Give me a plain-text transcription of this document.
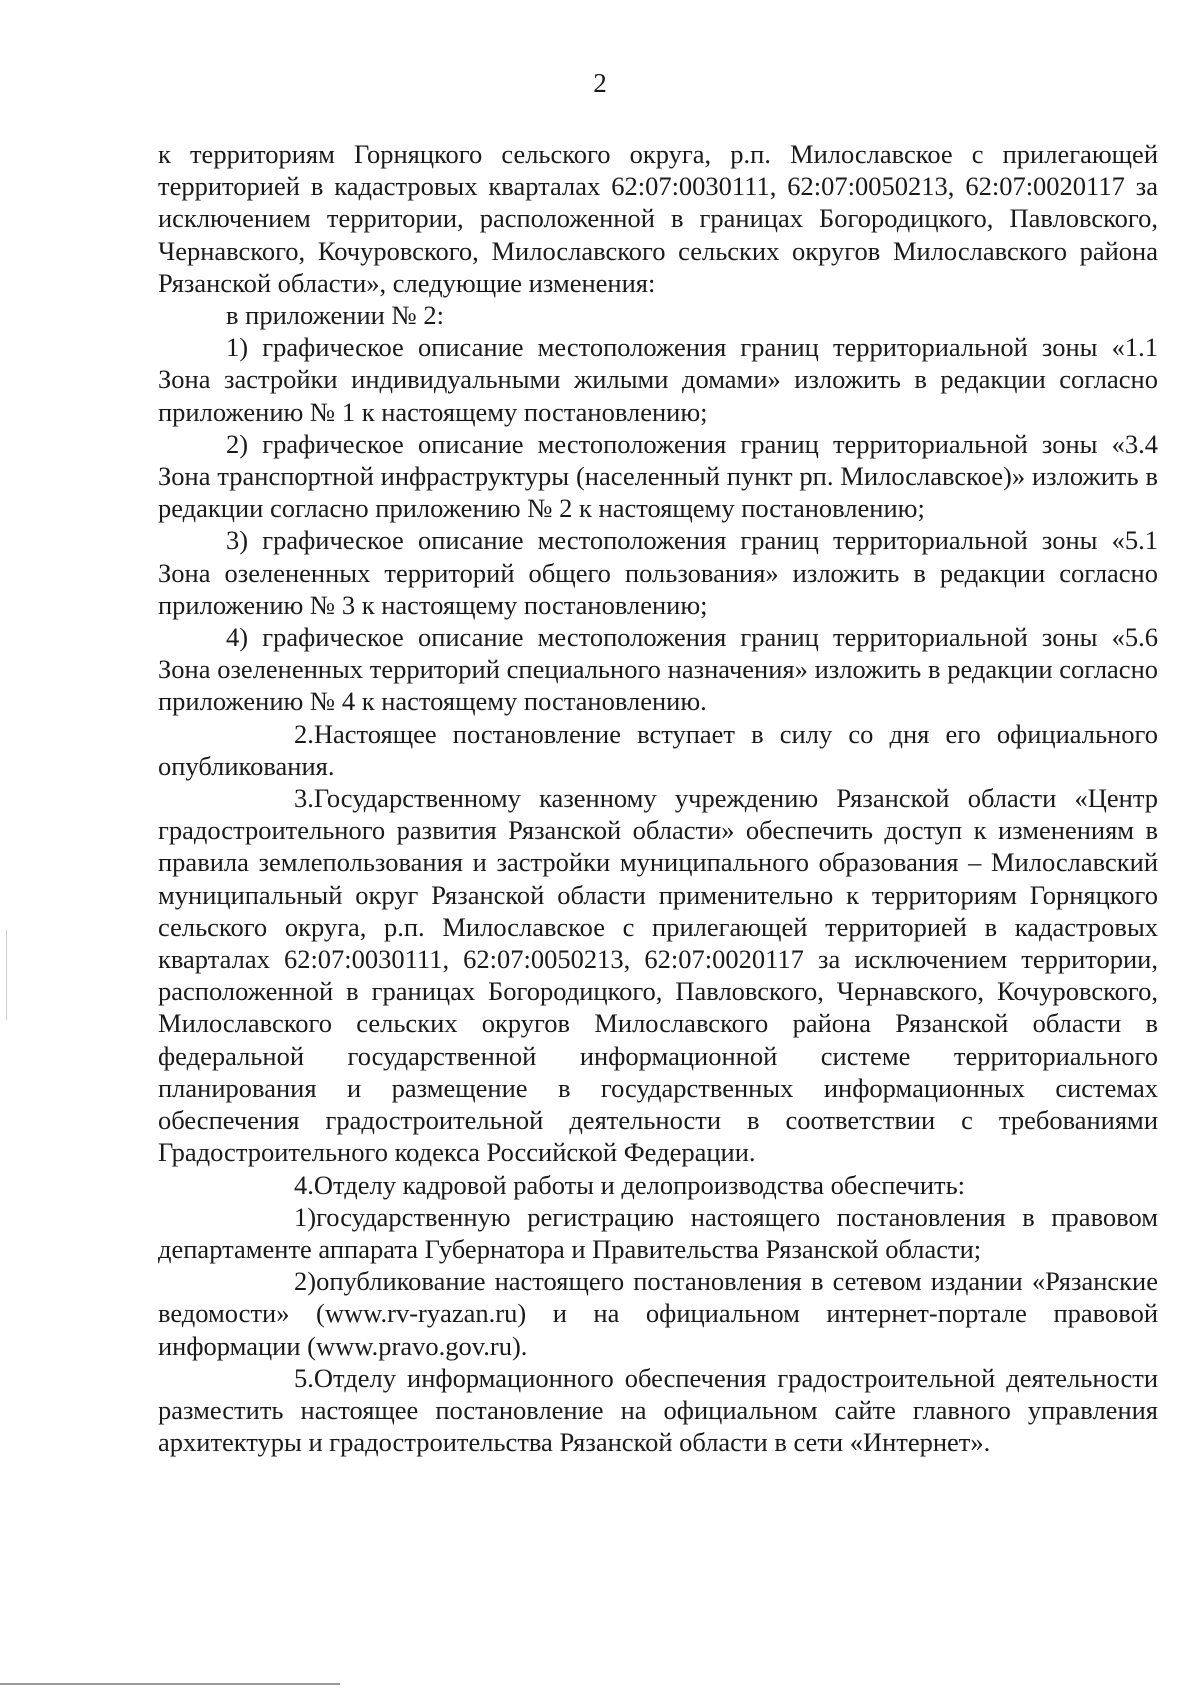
2

к территориям Горняцкого сельского округа, р.п. Милославское с прилегающей территорией в кадастровых кварталах 62:07:0030111, 62:07:0050213, 62:07:0020117 за исключением территории, расположенной в границах Богородицкого, Павловского, Чернавского, Кочуровского, Милославского сельских округов Милославского района Рязанской области», следующие изменения:

в приложении № 2:

1) графическое описание местоположения границ территориальной зоны «1.1 Зона застройки индивидуальными жилыми домами» изложить в редакции согласно приложению № 1 к настоящему постановлению;

2) графическое описание местоположения границ территориальной зоны «3.4 Зона транспортной инфраструктуры (населенный пункт рп. Милославское)» изложить в редакции согласно приложению № 2 к настоящему постановлению;

3) графическое описание местоположения границ территориальной зоны «5.1 Зона озелененных территорий общего пользования» изложить в редакции согласно приложению № 3 к настоящему постановлению;

4) графическое описание местоположения границ территориальной зоны «5.6 Зона озелененных территорий специального назначения» изложить в редакции согласно приложению № 4 к настоящему постановлению.

2.Настоящее постановление вступает в силу со дня его официального опубликования.

3.Государственному казенному учреждению Рязанской области «Центр градостроительного развития Рязанской области» обеспечить доступ к изменениям в правила землепользования и застройки муниципального образования – Милославский муниципальный округ Рязанской области применительно к территориям Горняцкого сельского округа, р.п. Милославское с прилегающей территорией в кадастровых кварталах 62:07:0030111, 62:07:0050213, 62:07:0020117 за исключением территории, расположенной в границах Богородицкого, Павловского, Чернавского, Кочуровского, Милославского сельских округов Милославского района Рязанской области в федеральной государственной информационной системе территориального планирования и размещение в государственных информационных системах обеспечения градостроительной деятельности в соответствии с требованиями Градостроительного кодекса Российской Федерации.

4.Отделу кадровой работы и делопроизводства обеспечить:

1)государственную регистрацию настоящего постановления в правовом департаменте аппарата Губернатора и Правительства Рязанской области;

2)опубликование настоящего постановления в сетевом издании «Рязанские ведомости» (www.rv-ryazan.ru) и на официальном интернет-портале правовой информации (www.pravo.gov.ru).

5.Отделу информационного обеспечения градостроительной деятельности разместить настоящее постановление на официальном сайте главного управления архитектуры и градостроительства Рязанской области в сети «Интернет».
